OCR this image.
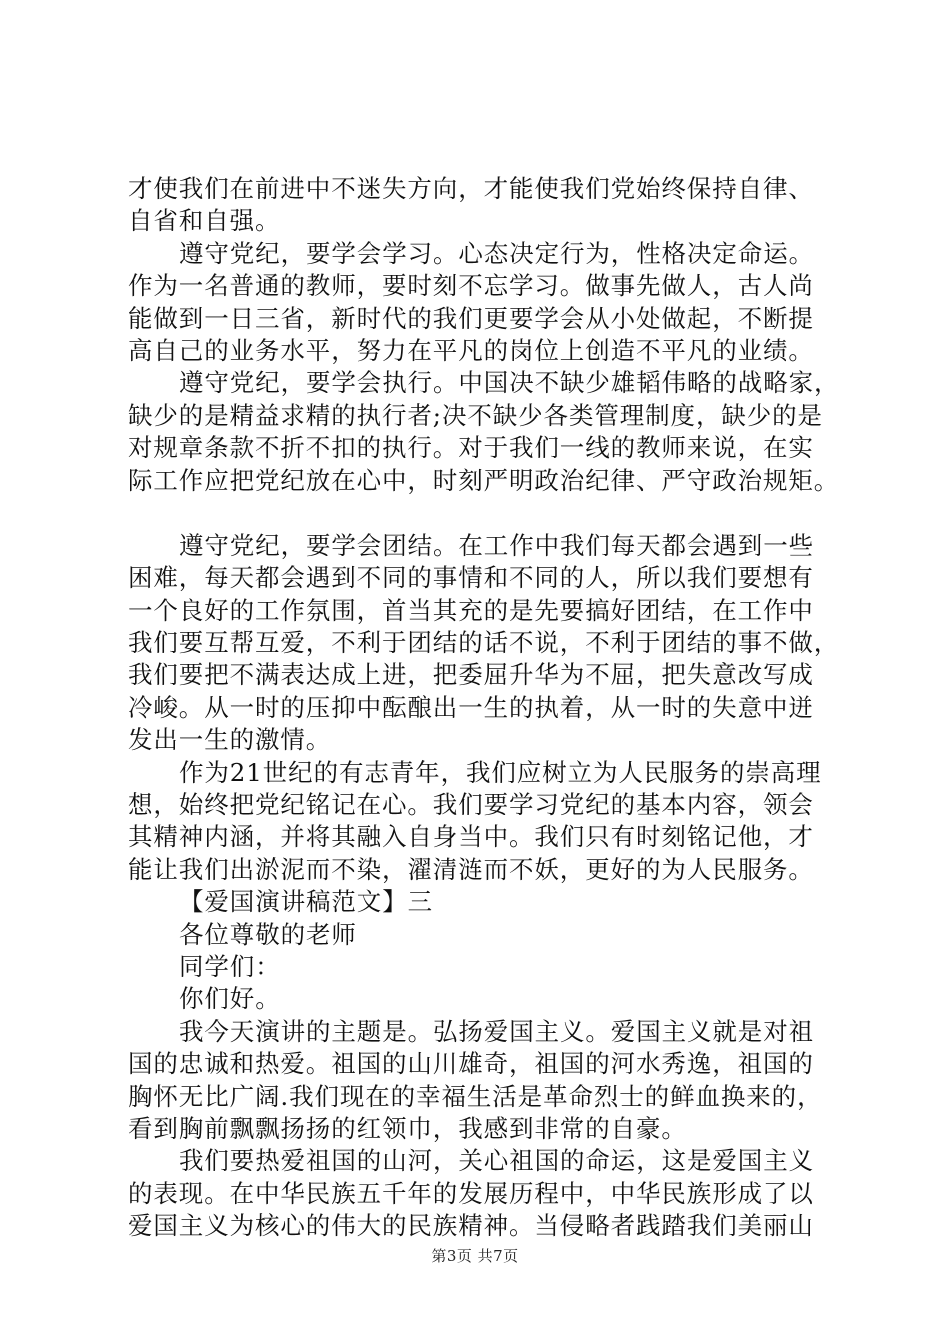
才使我们在前进中不迷失方向，才能使我们党始终保持自律、
自省和自强。

遵守党纪，要学会学习。心态决定行为，性格决定命运。
作为一名普通的教师，要时刻不忘学习。做事先做人，古人尚
能做到一日三省，新时代的我们更要学会从小处做起，不断提
高自己的业务水平，努力在平凡的岗位上创造不平凡的业绩。

遵守党纪，要学会执行。中国决不缺少雄韬伟略的战略家，
缺少的是精益求精的执行者;决不缺少各类管理制度，缺少的是
对规章条款不折不扣的执行。对于我们一线的教师来说，在实
际工作应把党纪放在心中，时刻严明政治纪律、严守政治规矩。

遵守党纪，要学会团结。在工作中我们每天都会遇到一些
困难，每天都会遇到不同的事情和不同的人，所以我们要想有
一个良好的工作氛围，首当其充的是先要搞好团结，在工作中
我们要互帮互爱，不利于团结的话不说，不利于团结的事不做，
我们要把不满表达成上进，把委屈升华为不屈，把失意改写成
冷峻。从一时的压抑中酝酿出一生的执着，从一时的失意中迸
发出一生的激情。

作为21世纪的有志青年，我们应树立为人民服务的崇高理
想，始终把党纪铭记在心。我们要学习党纪的基本内容，领会
其精神内涵，并将其融入自身当中。我们只有时刻铭记他，才
能让我们出淤泥而不染，濯清涟而不妖，更好的为人民服务。

【爱国演讲稿范文】三

各位尊敬的老师

同学们：

你们好。

我今天演讲的主题是。弘扬爱国主义。爱国主义就是对祖
国的忠诚和热爱。祖国的山川雄奇，祖国的河水秀逸，祖国的
胸怀无比广阔.我们现在的幸福生活是革命烈士的鲜血换来的，
看到胸前飘飘扬扬的红领巾，我感到非常的自豪。

我们要热爱祖国的山河，关心祖国的命运，这是爱国主义
的表现。在中华民族五千年的发展历程中，中华民族形成了以
爱国主义为核心的伟大的民族精神。当侵略者践踏我们美丽山

第3页 共7页
